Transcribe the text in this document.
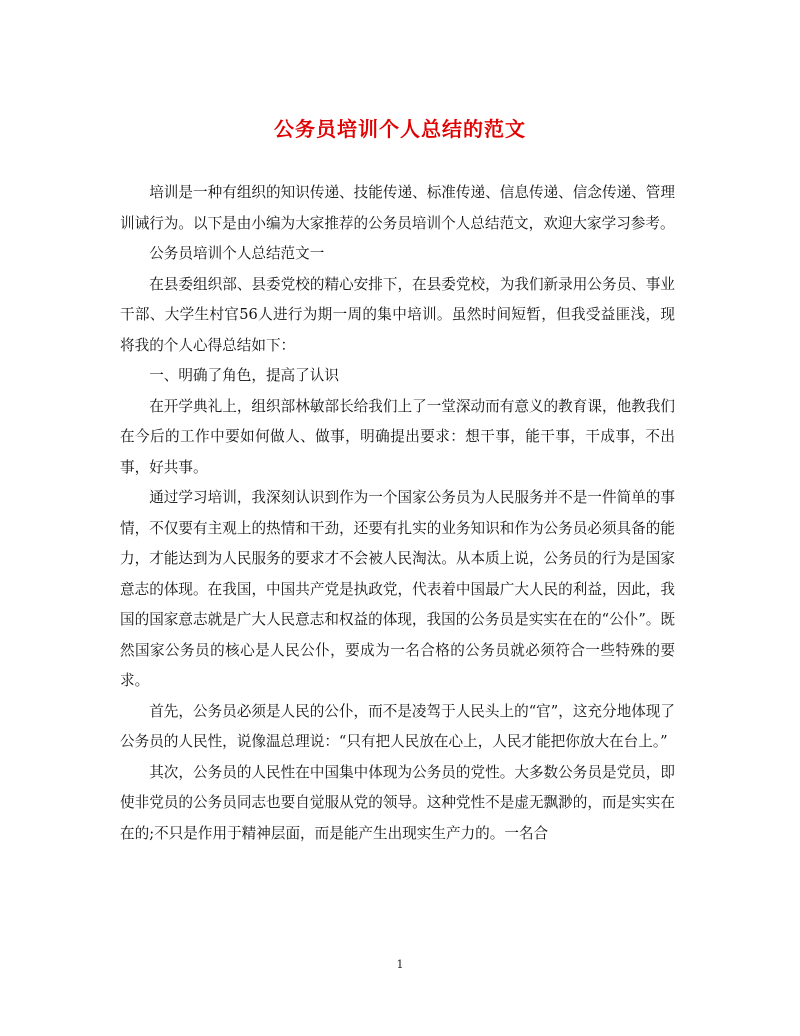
公务员培训个人总结的范文

培训是一种有组织的知识传递、技能传递、标准传递、信息传递、信念传递、管理训诫行为。以下是由小编为大家推荐的公务员培训个人总结范文，欢迎大家学习参考。

公务员培训个人总结范文一

在县委组织部、县委党校的精心安排下，在县委党校，为我们新录用公务员、事业干部、大学生村官56人进行为期一周的集中培训。虽然时间短暂，但我受益匪浅，现将我的个人心得总结如下：

一、明确了角色，提高了认识

在开学典礼上，组织部林敏部长给我们上了一堂深动而有意义的教育课，他教我们在今后的工作中要如何做人、做事，明确提出要求：想干事，能干事，干成事，不出事，好共事。

通过学习培训，我深刻认识到作为一个国家公务员为人民服务并不是一件简单的事情，不仅要有主观上的热情和干劲，还要有扎实的业务知识和作为公务员必须具备的能力，才能达到为人民服务的要求才不会被人民淘汰。从本质上说，公务员的行为是国家意志的体现。在我国，中国共产党是执政党，代表着中国最广大人民的利益，因此，我国的国家意志就是广大人民意志和权益的体现，我国的公务员是实实在在的“公仆”。既然国家公务员的核心是人民公仆，要成为一名合格的公务员就必须符合一些特殊的要求。

首先，公务员必须是人民的公仆，而不是凌驾于人民头上的“官”，这充分地体现了公务员的人民性，说像温总理说：“只有把人民放在心上，人民才能把你放大在台上。”

其次，公务员的人民性在中国集中体现为公务员的党性。大多数公务员是党员，即使非党员的公务员同志也要自觉服从党的领导。这种党性不是虚无飘渺的，而是实实在在的;不只是作用于精神层面，而是能产生出现实生产力的。一名合

1
